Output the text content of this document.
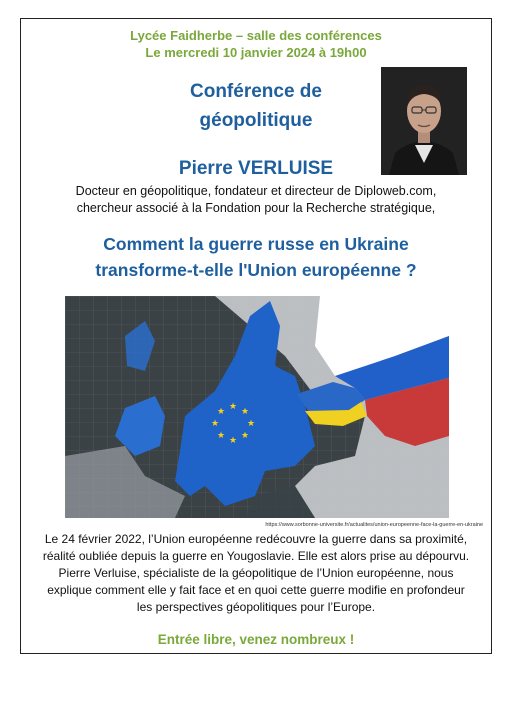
Lycée Faidherbe – salle des conférences
Le mercredi 10 janvier 2024 à 19h00
Conférence de
géopolitique
Pierre VERLUISE
Docteur en géopolitique, fondateur et directeur de Diploweb.com,
chercheur associé à la Fondation pour la Recherche stratégique,
Comment la guerre russe en Ukraine
transforme-t-elle l'Union européenne ?
★ ★ ★
★
★
★
★
★
https://www.sorbonne-universite.fr/actualites/union-europeenne-face-la-guerre-en-ukraine
Le 24 février 2022, l’Union européenne redécouvre la guerre dans sa proximité,
réalité oubliée depuis la guerre en Yougoslavie. Elle est alors prise au dépourvu.
Pierre Verluise, spécialiste de la géopolitique de l’Union européenne, nous
explique comment elle y fait face et en quoi cette guerre modifie en profondeur
les perspectives géopolitiques pour l’Europe.
Entrée libre, venez nombreux !
